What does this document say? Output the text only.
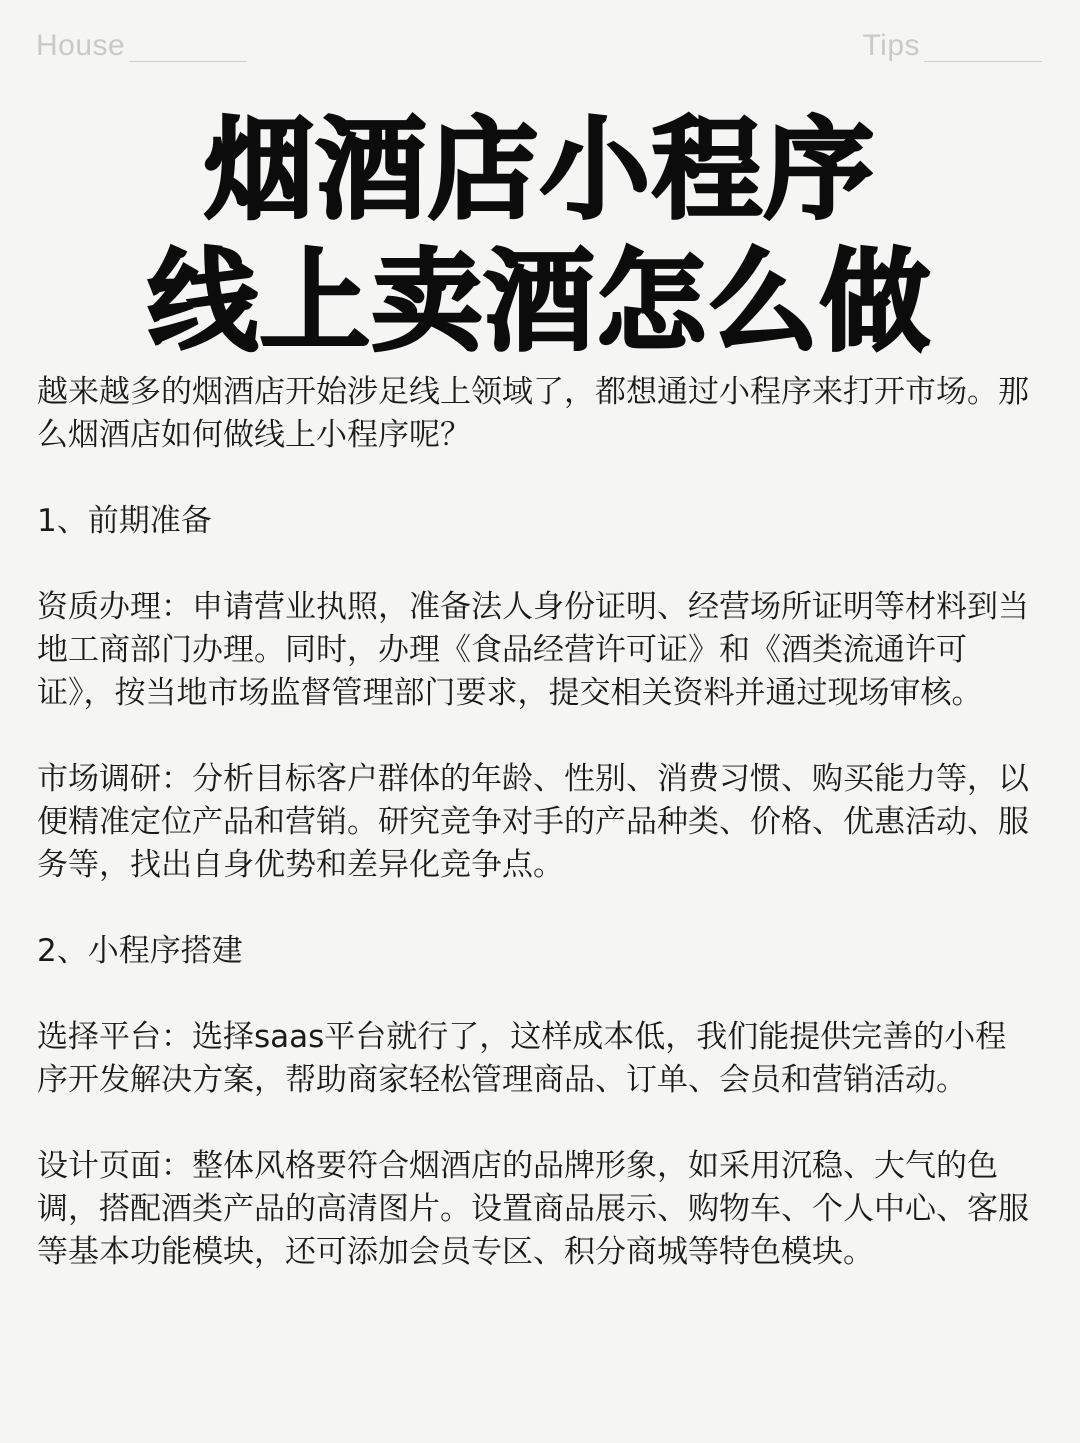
House	Tips
烟酒店小程序
线上卖酒怎么做

越来越多的烟酒店开始涉足线上领域了，都想通过小程序来打开市场。那么烟酒店如何做线上小程序呢？

1、前期准备

资质办理：申请营业执照，准备法人身份证明、经营场所证明等材料到当地工商部门办理。同时，办理《食品经营许可证》和《酒类流通许可证》，按当地市场监督管理部门要求，提交相关资料并通过现场审核。

市场调研：分析目标客户群体的年龄、性别、消费习惯、购买能力等，以便精准定位产品和营销。研究竞争对手的产品种类、价格、优惠活动、服务等，找出自身优势和差异化竞争点。

2、小程序搭建

选择平台：选择saas平台就行了，这样成本低，我们能提供完善的小程序开发解决方案，帮助商家轻松管理商品、订单、会员和营销活动。

设计页面：整体风格要符合烟酒店的品牌形象，如采用沉稳、大气的色调，搭配酒类产品的高清图片。设置商品展示、购物车、个人中心、客服等基本功能模块，还可添加会员专区、积分商城等特色模块。
